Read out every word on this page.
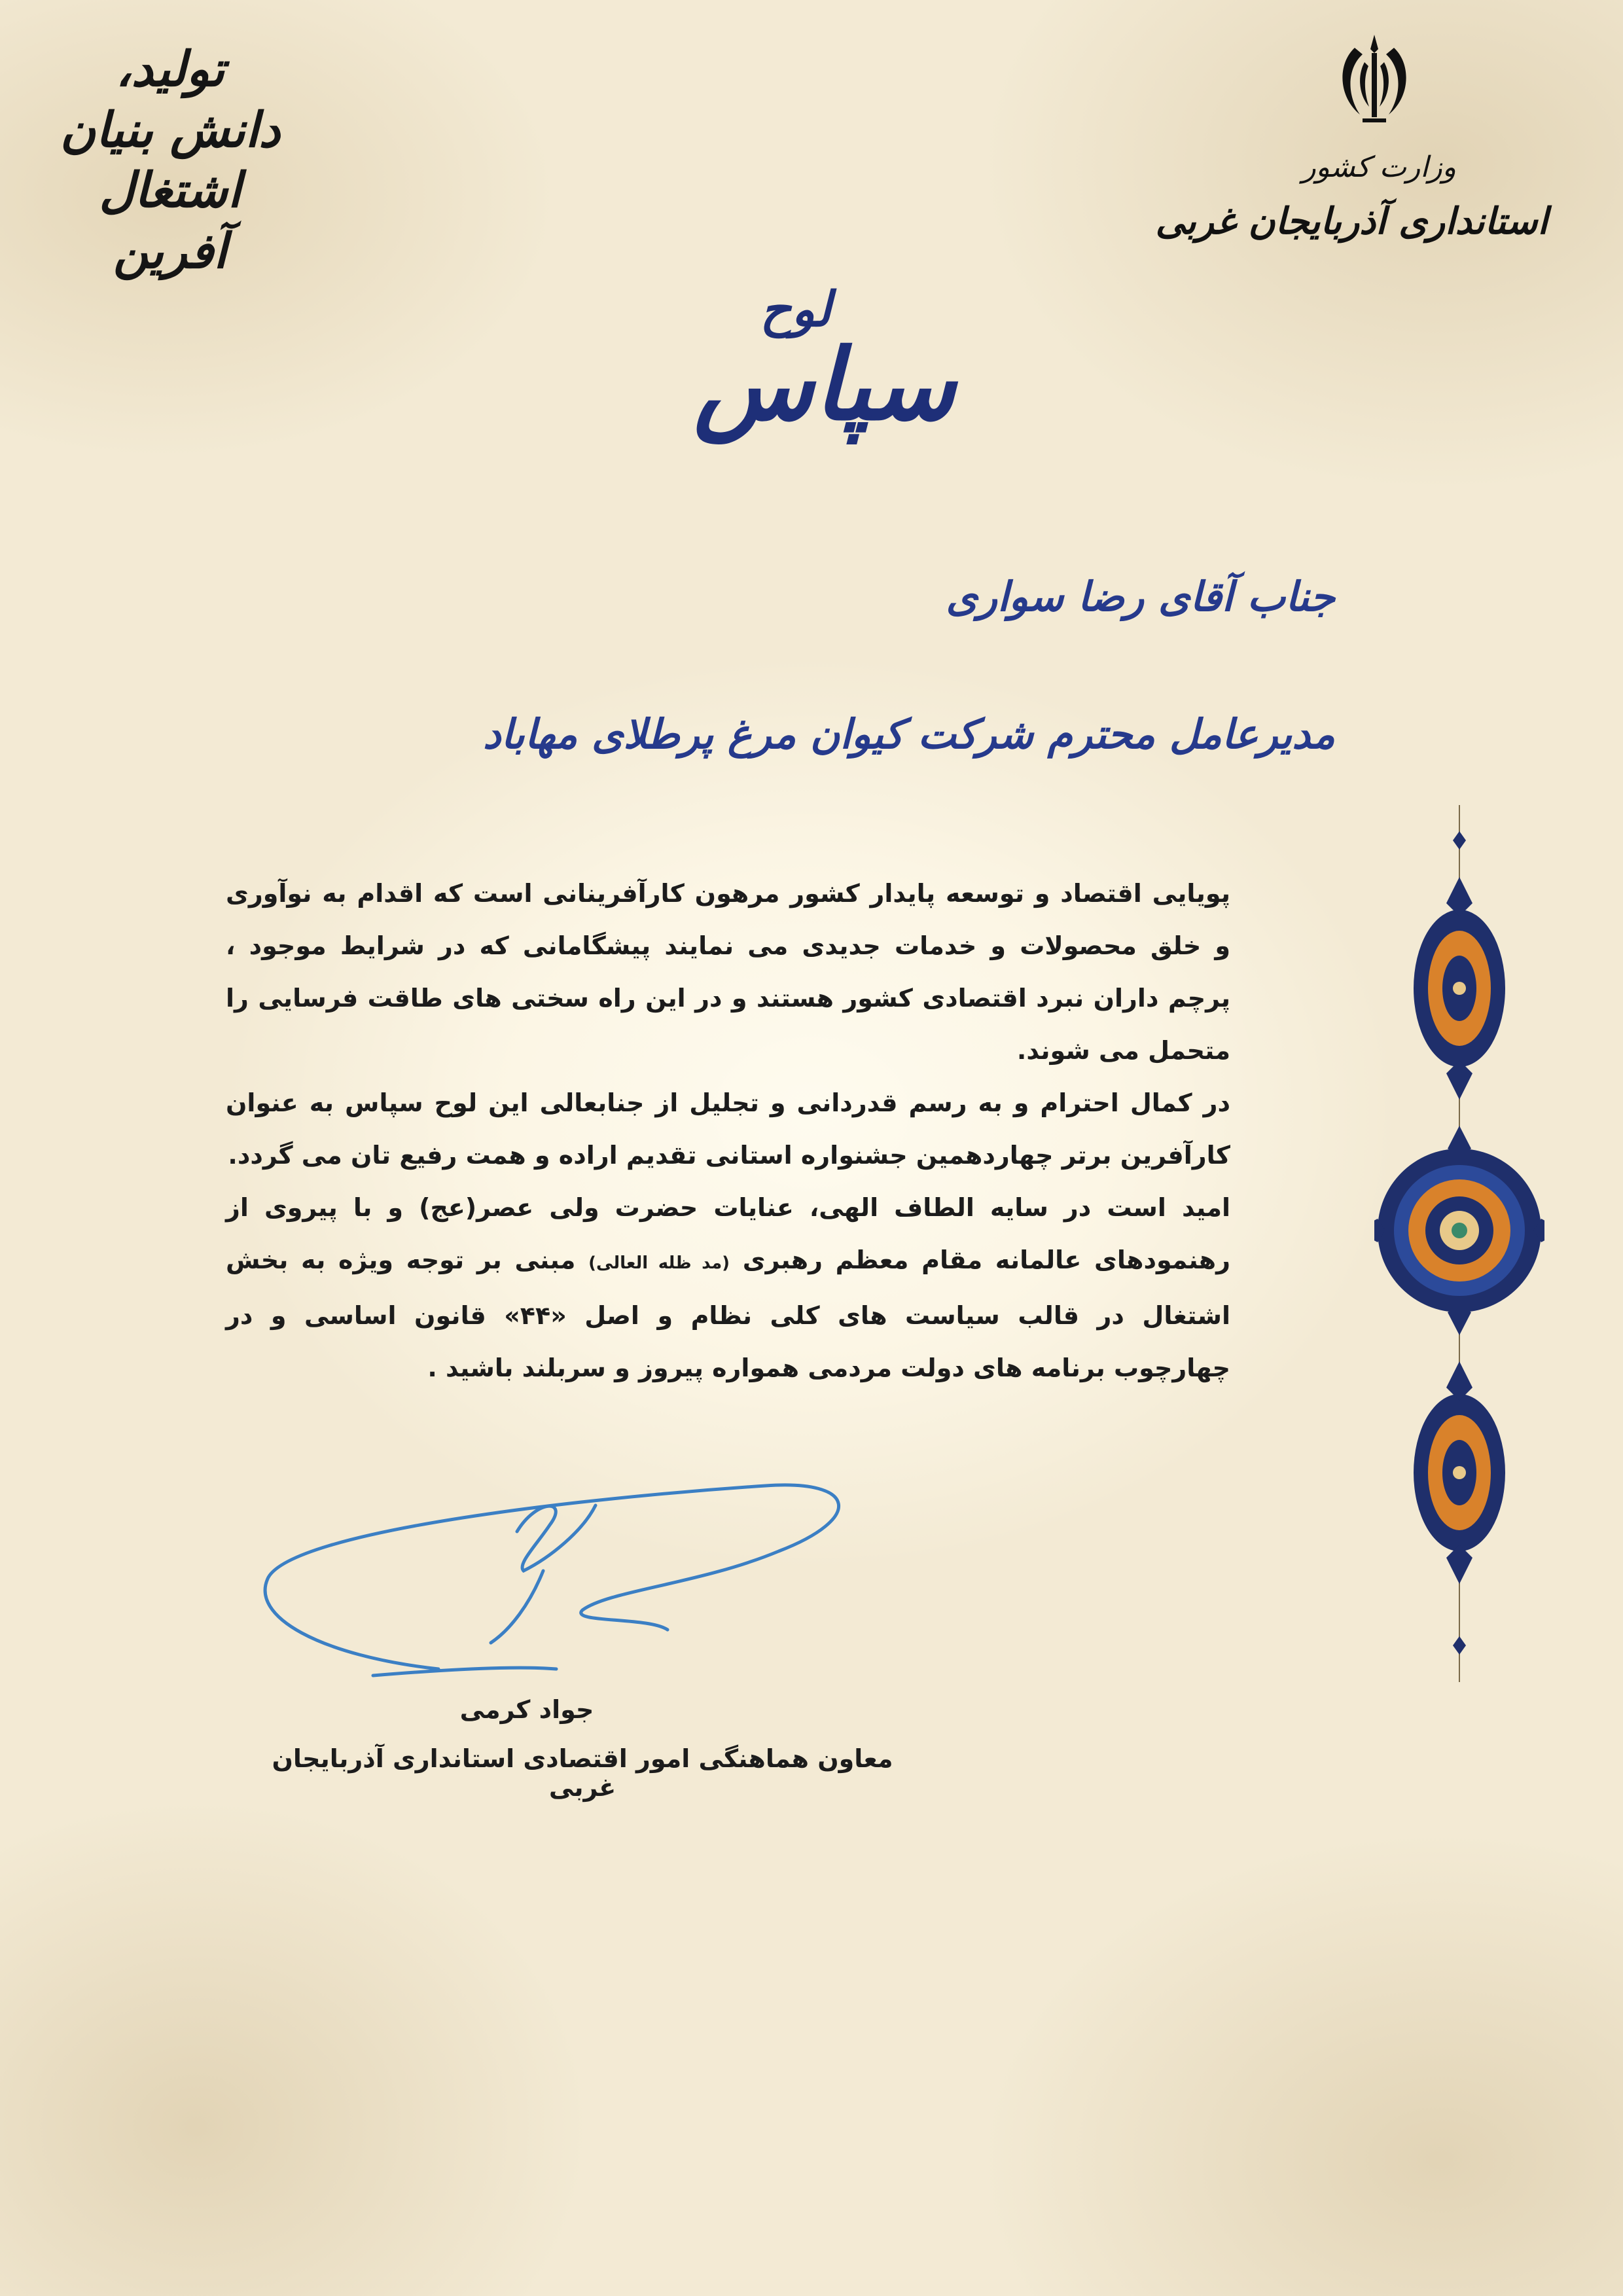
وزارت کشور
استانداری آذربایجان غربی
تولید، دانش بنیان
اشتغال آفرین
لوح
سپاس
جناب آقای رضا سواری
مدیرعامل محترم شرکت کیوان مرغ پرطلای مهاباد

پویایی اقتصاد و توسعه پایدار کشور مرهون کارآفرینانی است که اقدام به نوآوری و خلق محصولات و خدمات جدیدی می نمایند پیشگامانی که در شرایط موجود ، پرچم داران نبرد اقتصادی کشور هستند و در این راه سختی های طاقت فرسایی را متحمل می شوند.

در کمال احترام و به رسم قدردانی و تجلیل از جنابعالی این لوح سپاس به عنوان کارآفرین برتر چهاردهمین جشنواره استانی تقدیم اراده و همت رفیع تان می گردد.

امید است در سایه الطاف الهی، عنایات حضرت ولی عصر(عج) و با پیروی از رهنمودهای عالمانه مقام معظم رهبری (مد ظله العالی) مبنی بر توجه ویژه به بخش اشتغال در قالب سیاست های کلی نظام و اصل «۴۴» قانون اساسی و در چهارچوب برنامه های دولت مردمی همواره پیروز و سربلند باشید .

جواد کرمی
معاون هماهنگی امور اقتصادی استانداری آذربایجان غربی
